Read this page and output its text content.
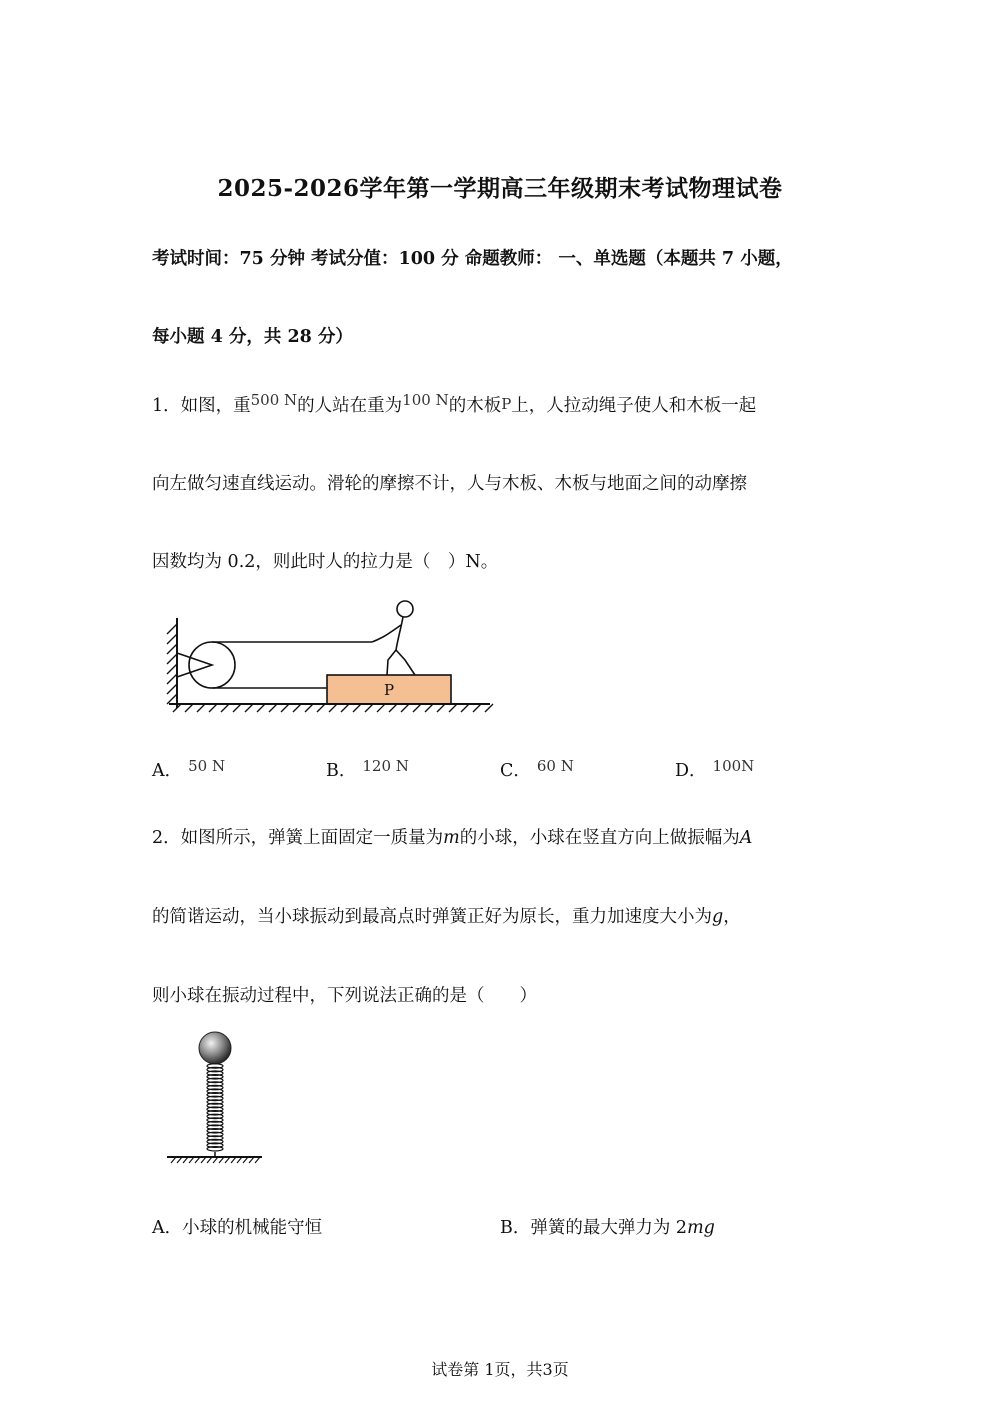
2025-2026学年第一学期高三年级期末考试物理试卷
考试时间：75 分钟 考试分值：100 分 命题教师： 一、单选题（本题共 7 小题，
每小题 4 分，共 28 分）
1．如图，重500 N的人站在重为100 N的木板P上，人拉动绳子使人和木板一起
向左做匀速直线运动。滑轮的摩擦不计，人与木板、木板与地面之间的动摩擦
因数均为 0.2，则此时人的拉力是（　）N。
P
A． 50 N	B． 120 N	C． 60 N	D． 100N
2．如图所示，弹簧上面固定一质量为m的小球，小球在竖直方向上做振幅为A
的简谐运动，当小球振动到最高点时弹簧正好为原长，重力加速度大小为g，
则小球在振动过程中，下列说法正确的是（　　）
A．小球的机械能守恒	B．弹簧的最大弹力为 2mg
试卷第 1页，共3页
